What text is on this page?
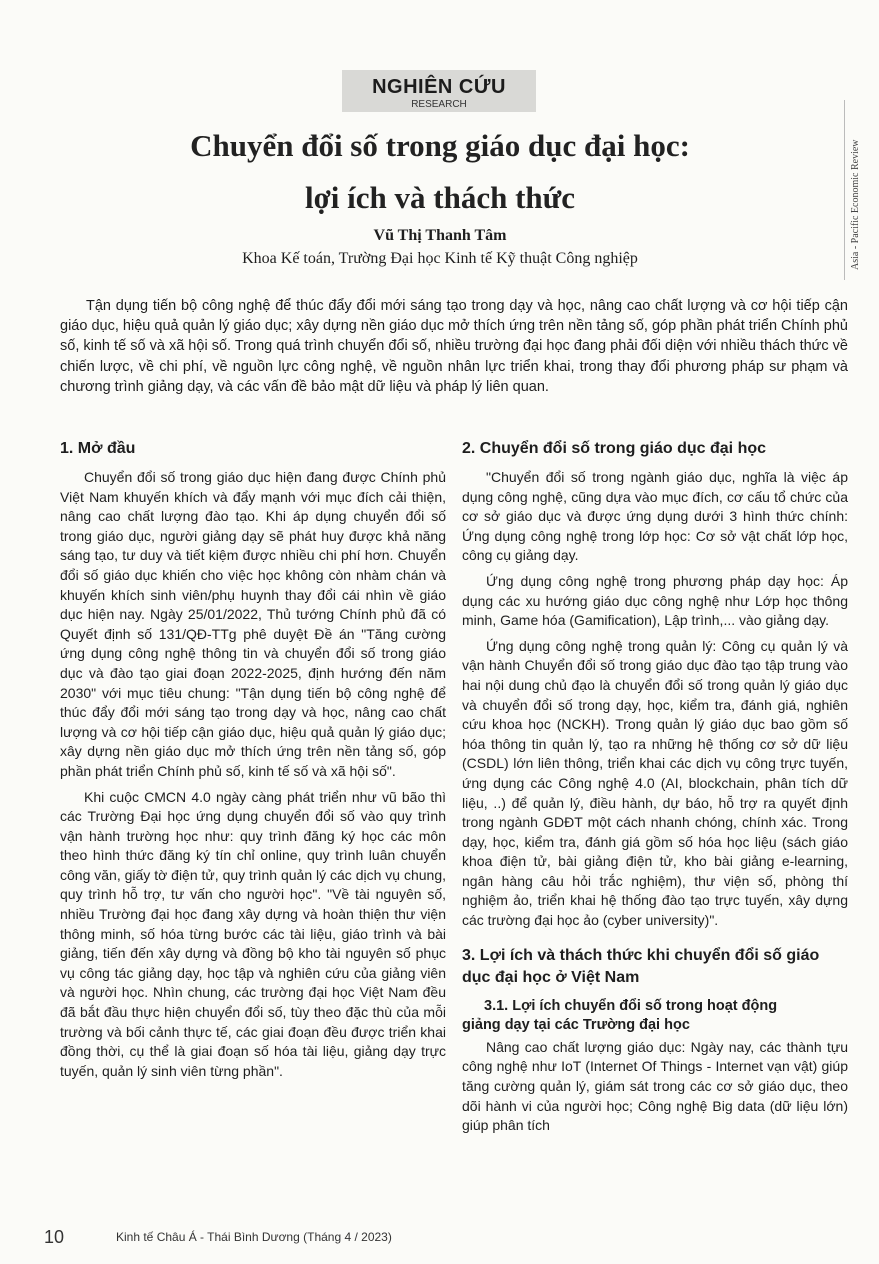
NGHIÊN CỨU
RESEARCH
Asia - Pacific Economic Review
Chuyển đổi số trong giáo dục đại học:
lợi ích và thách thức
Vũ Thị Thanh Tâm
Khoa Kế toán, Trường Đại học Kinh tế Kỹ thuật Công nghiệp

Tận dụng tiến bộ công nghệ để thúc đẩy đổi mới sáng tạo trong dạy và học, nâng cao chất lượng và cơ hội tiếp cận giáo dục, hiệu quả quản lý giáo dục; xây dựng nền giáo dục mở thích ứng trên nền tảng số, góp phần phát triển Chính phủ số, kinh tế số và xã hội số. Trong quá trình chuyển đổi số, nhiều trường đại học đang phải đối diện với nhiều thách thức về chiến lược, về chi phí, về nguồn lực công nghệ, về nguồn nhân lực triển khai, trong thay đổi phương pháp sư phạm và chương trình giảng dạy, và các vấn đề bảo mật dữ liệu và pháp lý liên quan.

1. Mở đầu

Chuyển đổi số trong giáo dục hiện đang được Chính phủ Việt Nam khuyến khích và đẩy mạnh với mục đích cải thiện, nâng cao chất lượng đào tạo. Khi áp dụng chuyển đổi số trong giáo dục, người giảng dạy sẽ phát huy được khả năng sáng tạo, tư duy và tiết kiệm được nhiều chi phí hơn. Chuyển đổi số giáo dục khiến cho việc học không còn nhàm chán và khuyến khích sinh viên/phụ huynh thay đổi cái nhìn về giáo dục hiện nay. Ngày 25/01/2022, Thủ tướng Chính phủ đã có Quyết định số 131/QĐ-TTg phê duyệt Đề án "Tăng cường ứng dụng công nghệ thông tin và chuyển đổi số trong giáo dục và đào tạo giai đoạn 2022-2025, định hướng đến năm 2030" với mục tiêu chung: "Tận dụng tiến bộ công nghệ để thúc đẩy đổi mới sáng tạo trong dạy và học, nâng cao chất lượng và cơ hội tiếp cận giáo dục, hiệu quả quản lý giáo dục; xây dựng nền giáo dục mở thích ứng trên nền tảng số, góp phần phát triển Chính phủ số, kinh tế số và xã hội số".

Khi cuộc CMCN 4.0 ngày càng phát triển như vũ bão thì các Trường Đại học ứng dụng chuyển đổi số vào quy trình vận hành trường học như: quy trình đăng ký học các môn theo hình thức đăng ký tín chỉ online, quy trình luân chuyển công văn, giấy tờ điện tử, quy trình quản lý các dịch vụ chung, quy trình hỗ trợ, tư vấn cho người học". "Về tài nguyên số, nhiều Trường đại học đang xây dựng và hoàn thiện thư viện thông minh, số hóa từng bước các tài liệu, giáo trình và bài giảng, tiến đến xây dựng và đồng bộ kho tài nguyên số phục vụ công tác giảng dạy, học tập và nghiên cứu của giảng viên và người học. Nhìn chung, các trường đại học Việt Nam đều đã bắt đầu thực hiện chuyển đổi số, tùy theo đặc thù của mỗi trường và bối cảnh thực tế, các giai đoạn đều được triển khai đồng thời, cụ thể là giai đoạn số hóa tài liệu, giảng dạy trực tuyến, quản lý sinh viên từng phần".

2. Chuyển đổi số trong giáo dục đại học

"Chuyển đổi số trong ngành giáo dục, nghĩa là việc áp dụng công nghệ, cũng dựa vào mục đích, cơ cấu tổ chức của cơ sở giáo dục và được ứng dụng dưới 3 hình thức chính: Ứng dụng công nghệ trong lớp học: Cơ sở vật chất lớp học, công cụ giảng dạy.

Ứng dụng công nghệ trong phương pháp dạy học: Áp dụng các xu hướng giáo dục công nghệ như Lớp học thông minh, Game hóa (Gamification), Lập trình,... vào giảng dạy.

Ứng dụng công nghệ trong quản lý: Công cụ quản lý và vận hành Chuyển đổi số trong giáo dục đào tạo tập trung vào hai nội dung chủ đạo là chuyển đổi số trong quản lý giáo dục và chuyển đổi số trong dạy, học, kiểm tra, đánh giá, nghiên cứu khoa học (NCKH). Trong quản lý giáo dục bao gồm số hóa thông tin quản lý, tạo ra những hệ thống cơ sở dữ liệu (CSDL) lớn liên thông, triển khai các dịch vụ công trực tuyến, ứng dụng các Công nghệ 4.0 (AI, blockchain, phân tích dữ liệu, ..) để quản lý, điều hành, dự báo, hỗ trợ ra quyết định trong ngành GDĐT một cách nhanh chóng, chính xác. Trong dạy, học, kiểm tra, đánh giá gồm số hóa học liệu (sách giáo khoa điện tử, bài giảng điện tử, kho bài giảng e-learning, ngân hàng câu hỏi trắc nghiệm), thư viện số, phòng thí nghiệm ảo, triển khai hệ thống đào tạo trực tuyến, xây dựng các trường đại học ảo (cyber university)".

3. Lợi ích và thách thức khi chuyển đổi số giáo dục đại học ở Việt Nam
3.1. Lợi ích chuyển đổi số trong hoạt động
giảng dạy tại các Trường đại học

Nâng cao chất lượng giáo dục: Ngày nay, các thành tựu công nghệ như IoT (Internet Of Things - Internet vạn vật) giúp tăng cường quản lý, giám sát trong các cơ sở giáo dục, theo dõi hành vi của người học; Công nghệ Big data (dữ liệu lớn) giúp phân tích

10	Kinh tế Châu Á - Thái Bình Dương (Tháng 4 / 2023)
